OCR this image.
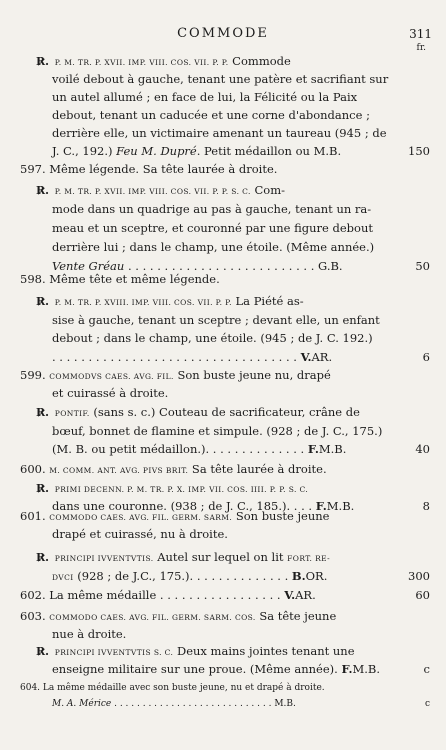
COMMODE	311
fr.
R̷. P. M. TR. P. XVII. IMP. VIII. COS. VII. P. P. Commode
voilé debout à gauche, tenant une patère et sacrifiant sur
un autel allumé ; en face de lui, la Félicité ou la Paix
debout, tenant un caducée et une corne d'abondance ;
derrière elle, un victimaire amenant un taureau (945 ; de
J. C., 192.) Feu M. Dupré. Petit médaillon ou M.B.	150
597. Même légende. Sa tête laurée à droite.
R̷. P. M. TR. P. XVII. IMP. VIII. COS. VII. P. P. S. C. Com-
mode dans un quadrige au pas à gauche, tenant un ra-
meau et un sceptre, et couronné par une figure debout
derrière lui ; dans le champ, une étoile. (Même année.)
Vente Gréau . . . . . . . . . . . . . . . . . . . . . . . . . . G.B.	50
598. Même tête et même légende.
R̷. P. M. TR. P. XVIII. IMP. VIII. COS. VII. P. P. La Piété as-
sise à gauche, tenant un sceptre ; devant elle, un enfant
debout ; dans le champ, une étoile. (945 ; de J. C. 192.)
. . . . . . . . . . . . . . . . . . . . . . . . . . . . . . . . . . V.AR.	6
599. COMMODVS CAES. AVG. FIL. Son buste jeune nu, drapé
et cuirassé à droite.
R̷. PONTIF. (sans s. c.) Couteau de sacrificateur, crâne de
bœuf, bonnet de flamine et simpule. (928 ; de J. C., 175.)
(M. B. ou petit médaillon.). . . . . . . . . . . . . . F.M.B.	40
600. M. COMM. ANT. AVG. PIVS BRIT. Sa tête laurée à droite.
R̷. PRIMI DECENN. P. M. TR. P. X. IMP. VII. COS. IIII. P. P. S. C.
dans une couronne. (938 ; de J. C., 185.). . . . F.M.B.	8
601. COMMODO CAES. AVG. FIL. GERM. SARM. Son buste jeune
drapé et cuirassé, nu à droite.
R̷. PRINCIPI IVVENTVTIS. Autel sur lequel on lit FORT. RE-
DVCI (928 ; de J.C., 175.). . . . . . . . . . . . . . B.OR.	300
602. La même médaille . . . . . . . . . . . . . . . . . V.AR.	60
603. COMMODO CAES. AVG. FIL. GERM. SARM. COS. Sa tête jeune
nue à droite.
R̷. PRINCIPI IVVENTVTIS S. C. Deux mains jointes tenant une
enseigne militaire sur une proue. (Même année). F.M.B.	c
604. La même médaille avec son buste jeune, nu et drapé à droite.
M. A. Mérice . . . . . . . . . . . . . . . . . . . . . . . . . . . . M.B.	c
